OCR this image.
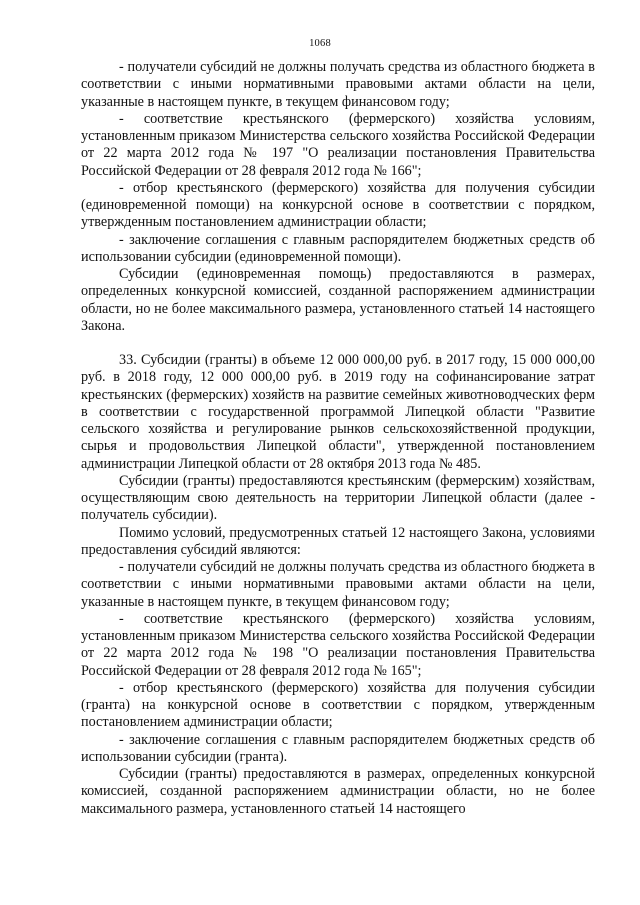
1068

- получатели субсидий не должны получать средства из областного бюджета в соответствии с иными нормативными правовыми актами области на цели, указанные в настоящем пункте, в текущем финансовом году;

- соответствие крестьянского (фермерского) хозяйства условиям, установленным приказом Министерства сельского хозяйства Российской Федерации от 22 марта 2012 года № 197 "О реализации постановления Правительства Российской Федерации от 28 февраля 2012 года № 166";

- отбор крестьянского (фермерского) хозяйства для получения субсидии (единовременной помощи) на конкурсной основе в соответствии с порядком, утвержденным постановлением администрации области;

- заключение соглашения с главным распорядителем бюджетных средств об использовании субсидии (единовременной помощи).

Субсидии (единовременная помощь) предоставляются в размерах, определенных конкурсной комиссией, созданной распоряжением администрации области, но не более максимального размера, установленного статьей 14 настоящего Закона.

33. Субсидии (гранты) в объеме 12 000 000,00 руб. в 2017 году, 15 000 000,00 руб. в 2018 году, 12 000 000,00 руб. в 2019 году на софинансирование затрат крестьянских (фермерских) хозяйств на развитие семейных животноводческих ферм в соответствии с государственной программой Липецкой области "Развитие сельского хозяйства и регулирование рынков сельскохозяйственной продукции, сырья и продовольствия Липецкой области", утвержденной постановлением администрации Липецкой области от 28 октября 2013 года № 485.

Субсидии (гранты) предоставляются крестьянским (фермерским) хозяйствам, осуществляющим свою деятельность на территории Липецкой области (далее - получатель субсидии).

Помимо условий, предусмотренных статьей 12 настоящего Закона, условиями предоставления субсидий являются:

- получатели субсидий не должны получать средства из областного бюджета в соответствии с иными нормативными правовыми актами области на цели, указанные в настоящем пункте, в текущем финансовом году;

- соответствие крестьянского (фермерского) хозяйства условиям, установленным приказом Министерства сельского хозяйства Российской Федерации от 22 марта 2012 года № 198 "О реализации постановления Правительства Российской Федерации от 28 февраля 2012 года № 165";

- отбор крестьянского (фермерского) хозяйства для получения субсидии (гранта) на конкурсной основе в соответствии с порядком, утвержденным постановлением администрации области;

- заключение соглашения с главным распорядителем бюджетных средств об использовании субсидии (гранта).

Субсидии (гранты) предоставляются в размерах, определенных конкурсной комиссией, созданной распоряжением администрации области, но не более максимального размера, установленного статьей 14 настоящего
